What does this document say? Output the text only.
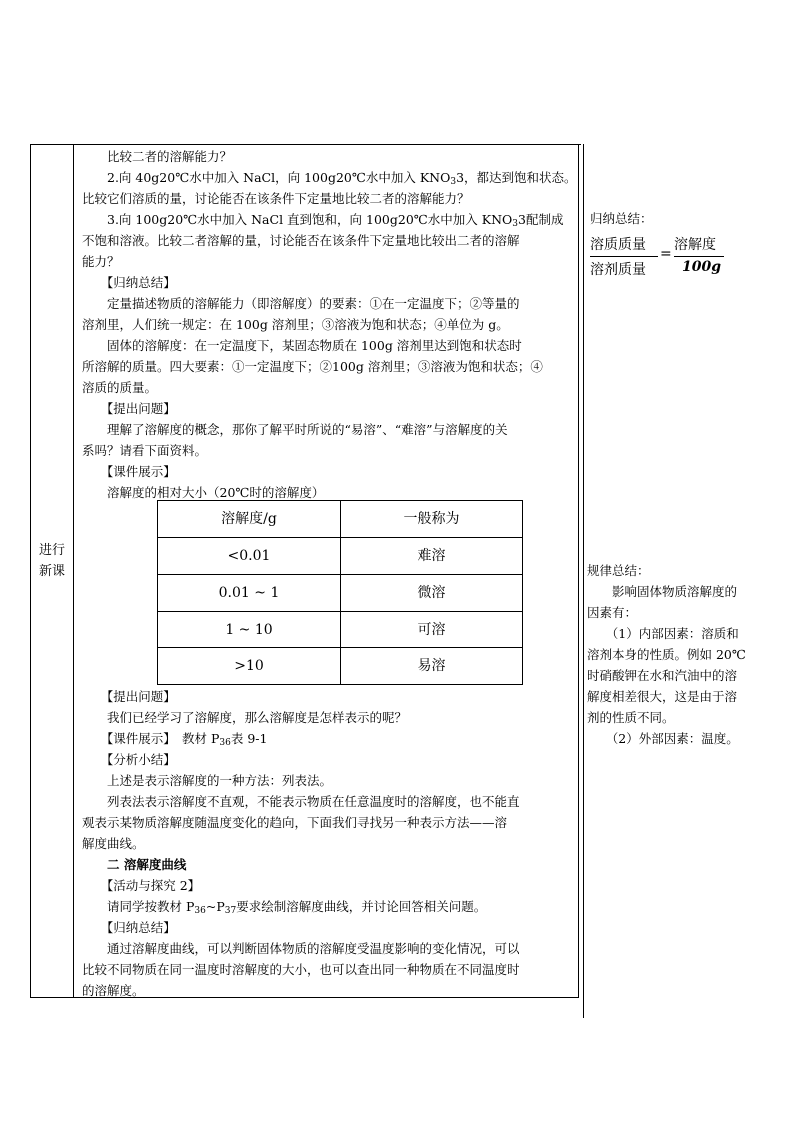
进行
新课
　　比较二者的溶解能力？
　　2.向 40g20℃水中加入 NaCl，向 100g20℃水中加入 $KNO_33$，都达到饱和状态。
比较它们溶质的量，讨论能否在该条件下定量地比较二者的溶解能力？
　　3.向 100g20℃水中加入 NaCl 直到饱和，向 100g20℃水中加入 $KNO_33$配制成
不饱和溶液。比较二者溶解的量，讨论能否在该条件下定量地比较出二者的溶解
能力？
　　【归纳总结】
　　定量描述物质的溶解能力（即溶解度）的要素：①在一定温度下；②等量的
溶剂里，人们统一规定：在 100g 溶剂里；③溶液为饱和状态；④单位为 g。
　　固体的溶解度：在一定温度下，某固态物质在 100g 溶剂里达到饱和状态时
所溶解的质量。四大要素：①一定温度下；②100g 溶剂里；③溶液为饱和状态；④
溶质的质量。
　　【提出问题】
　　理解了溶解度的概念，那你了解平时所说的“易溶”、“难溶”与溶解度的关
系吗？请看下面资料。
　　【课件展示】
　　溶解度的相对大小（20℃时的溶解度）
溶解度/g	一般称为
<0.01	难溶
0.01 ~ 1	微溶
1 ~ 10	可溶
>10	易溶
　　【提出问题】
　　我们已经学习了溶解度，那么溶解度是怎样表示的呢？
　　【课件展示】　教材 $P_{36}$表 9-1
　　【分析小结】
　　上述是表示溶解度的一种方法：列表法。
　　列表法表示溶解度不直观，不能表示物质在任意温度时的溶解度，也不能直
观表示某物质溶解度随温度变化的趋向，下面我们寻找另一种表示方法——溶
解度曲线。
　　二 溶解度曲线
　　【活动与探究 2】
　　请同学按教材 $P_{36}\sim P_{37}$要求绘制溶解度曲线，并讨论回答相关问题。
　　【归纳总结】
　　通过溶解度曲线，可以判断固体物质的溶解度受温度影响的变化情况，可以
比较不同物质在同一温度时溶解度的大小，也可以查出同一种物质在不同温度时
的溶解度。
归纳总结：
溶质质量
溶剂质量
=
溶解度
100g
规律总结：
　　影响固体物质溶解度的
因素有：
　　（1）内部因素：溶质和
溶剂本身的性质。例如 20℃
时硝酸钾在水和汽油中的溶
解度相差很大，这是由于溶
剂的性质不同。
　　（2）外部因素：温度。
